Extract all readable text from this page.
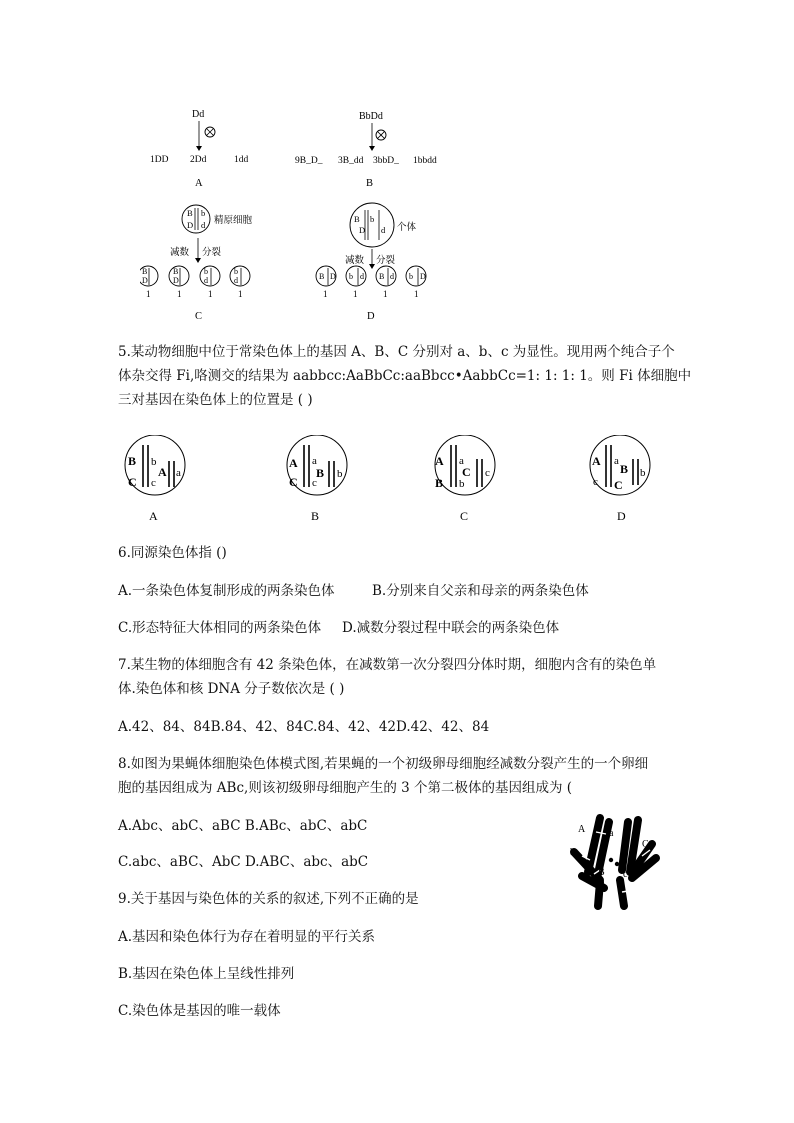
Dd
1DD 2Dd	1dd
A
BbDd
9B_D_ 3B_dd 3bbD_ 1bbdd
B
B
D
b
d 精原细胞
减数 分裂
B
D
B
D
b
d
b
d
1	1	1	1
C
B
D
b
d 个体
减数 分裂
B D b d B d b D
1	1	1	1
D
5.某动物细胞中位于常染色体上的基因 A、B、C 分别对 a、b、c 为显性。现用两个纯合子个
体杂交得 Fi,咯测交的结果为 aabbcc:AaBbCc:aaBbcc•AabbCc=1: 1: 1: 1。则 Fi 体细胞中
三对基因在染色体上的位置是 ( )
B
C
b
c
A a
A
A
C
a
c
B b
B
A
B
a
b
C c
C
A
c
a
C
B b
D
6.同源染色体指 ()
A.一条染色体复制形成的两条染色体	B.分别来自父亲和母亲的两条染色体
C.形态特征大体相同的两条染色体 D.减数分裂过程中联会的两条染色体
7.某生物的体细胞含有 42 条染色体，在减数第一次分裂四分体时期，细胞内含有的染色单
体.染色体和核 DNA 分子数依次是 ( )
A.42、84、84B.84、42、84C.84、42、42D.42、42、84
8.如图为果蝇体细胞染色体模式图,若果蝇的一个初级卵母细胞经减数分裂产生的一个卵细
胞的基因组成为 ABc,则该初级卵母细胞产生的 3 个第二极体的基因组成为 (
A.Abc、abC、aBC B.ABc、abC、abC
C.abc、aBC、AbC D.ABC、abc、abC
A a
b
B
C
c
9.关于基因与染色体的关系的叙述,下列不正确的是
A.基因和染色体行为存在着明显的平行关系
B.基因在染色体上呈线性排列
C.染色体是基因的唯一载体
